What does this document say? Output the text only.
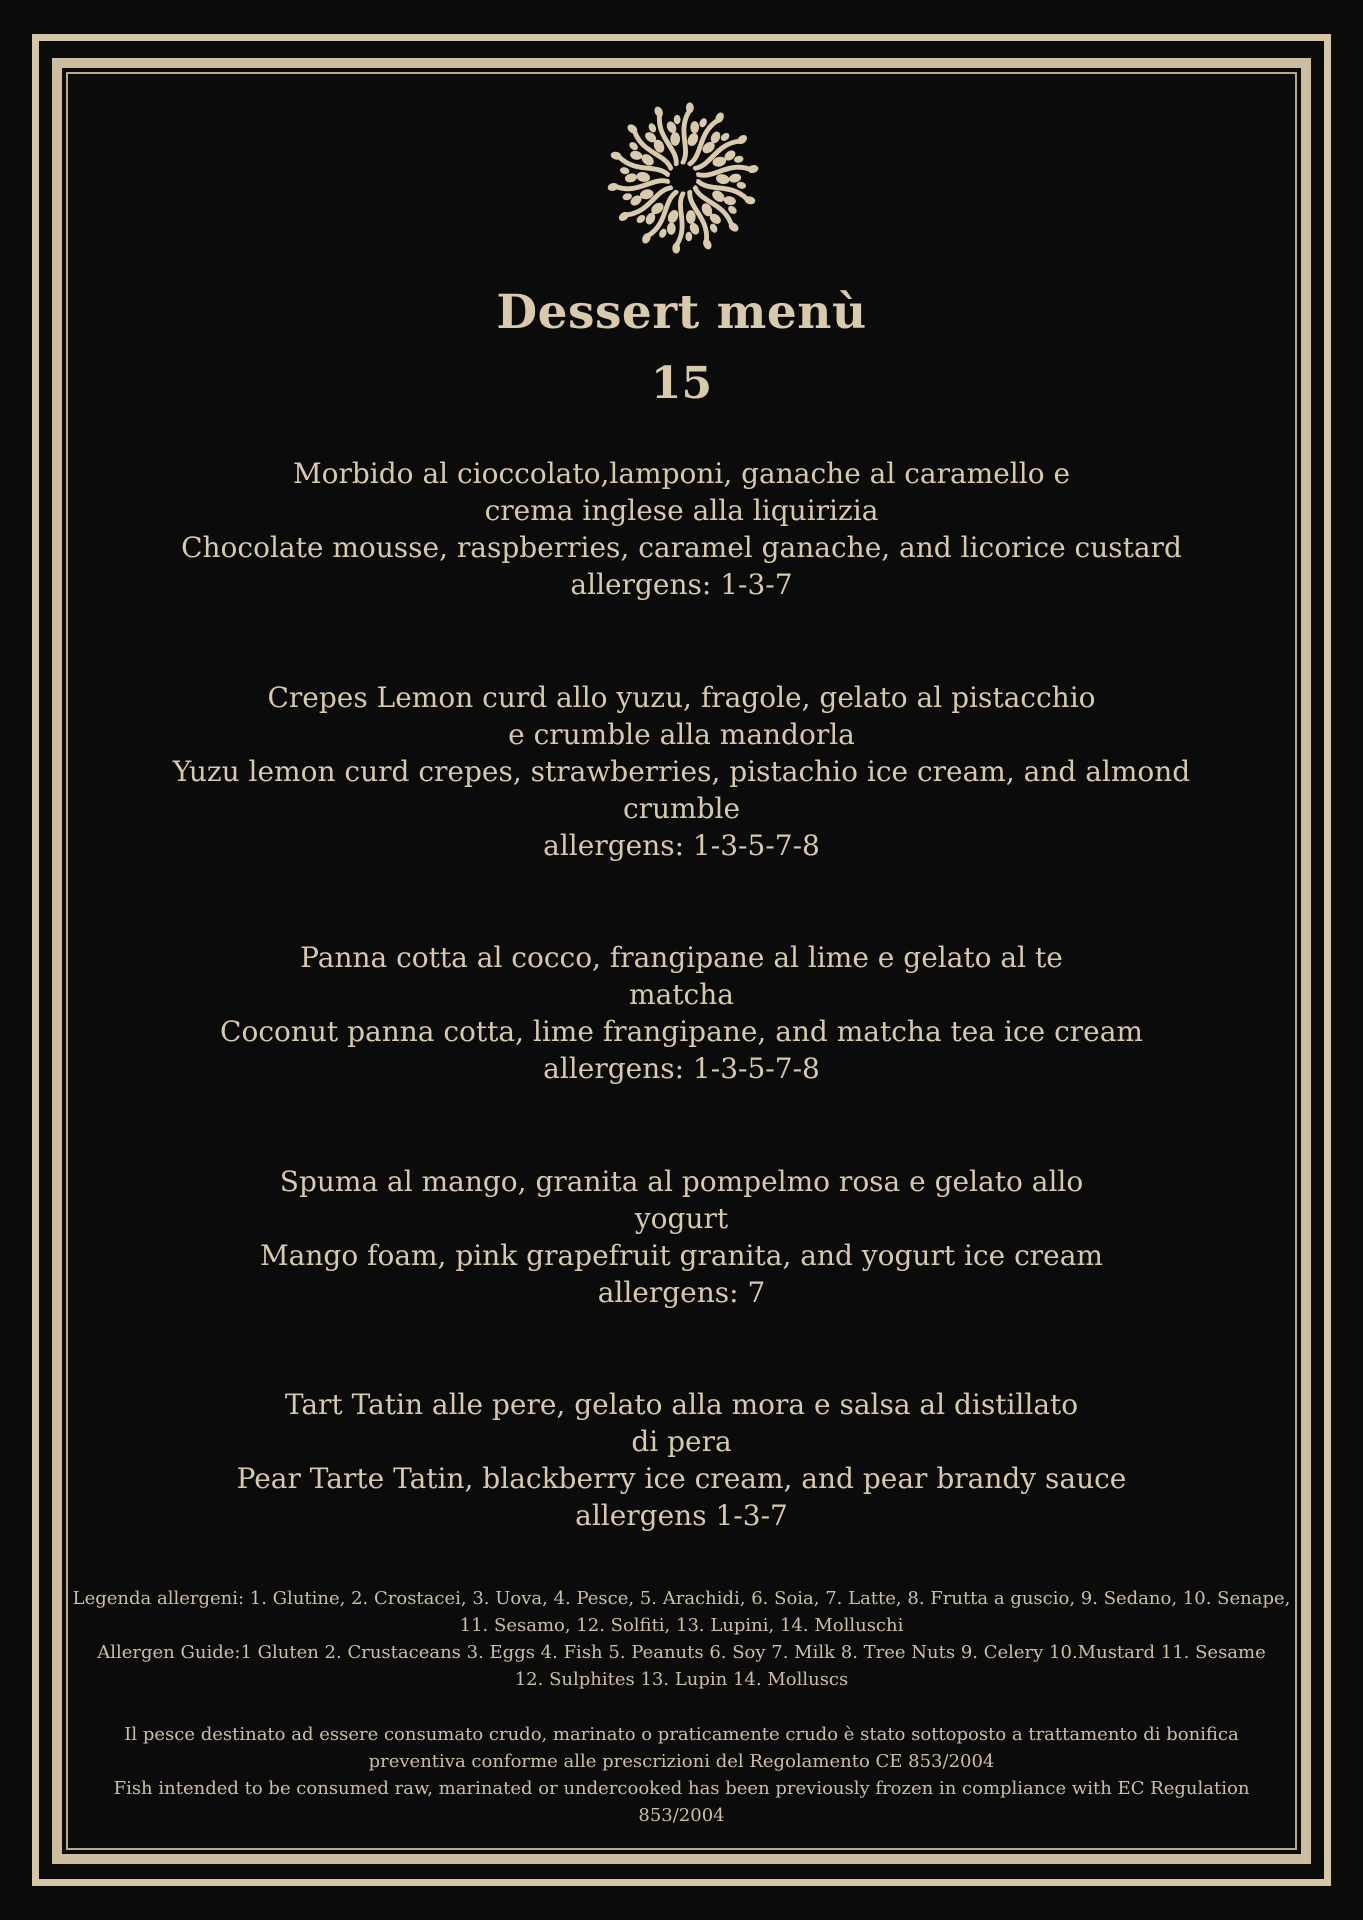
Dessert menù
15
Morbido al cioccolato,lamponi, ganache al caramello e
crema inglese alla liquirizia
Chocolate mousse, raspberries, caramel ganache, and licorice custard
allergens: 1-3-7
Crepes Lemon curd allo yuzu, fragole, gelato al pistacchio
e crumble alla mandorla
Yuzu lemon curd crepes, strawberries, pistachio ice cream, and almond
crumble
allergens: 1-3-5-7-8
Panna cotta al cocco, frangipane al lime e gelato al te
matcha
Coconut panna cotta, lime frangipane, and matcha tea ice cream
allergens: 1-3-5-7-8
Spuma al mango, granita al pompelmo rosa e gelato allo
yogurt
Mango foam, pink grapefruit granita, and yogurt ice cream
allergens: 7
Tart Tatin alle pere, gelato alla mora e salsa al distillato
di pera
Pear Tarte Tatin, blackberry ice cream, and pear brandy sauce
allergens 1-3-7
Legenda allergeni: 1. Glutine, 2. Crostacei, 3. Uova, 4. Pesce, 5. Arachidi, 6. Soia, 7. Latte, 8. Frutta a guscio, 9. Sedano, 10. Senape,
11. Sesamo, 12. Solfiti, 13. Lupini, 14. Molluschi
Allergen Guide:1 Gluten 2. Crustaceans 3. Eggs 4. Fish 5. Peanuts 6. Soy 7. Milk 8. Tree Nuts 9. Celery 10.Mustard 11. Sesame
12. Sulphites 13. Lupin 14. Molluscs
Il pesce destinato ad essere consumato crudo, marinato o praticamente crudo è stato sottoposto a trattamento di bonifica
preventiva conforme alle prescrizioni del Regolamento CE 853/2004
Fish intended to be consumed raw, marinated or undercooked has been previously frozen in compliance with EC Regulation
853/2004
